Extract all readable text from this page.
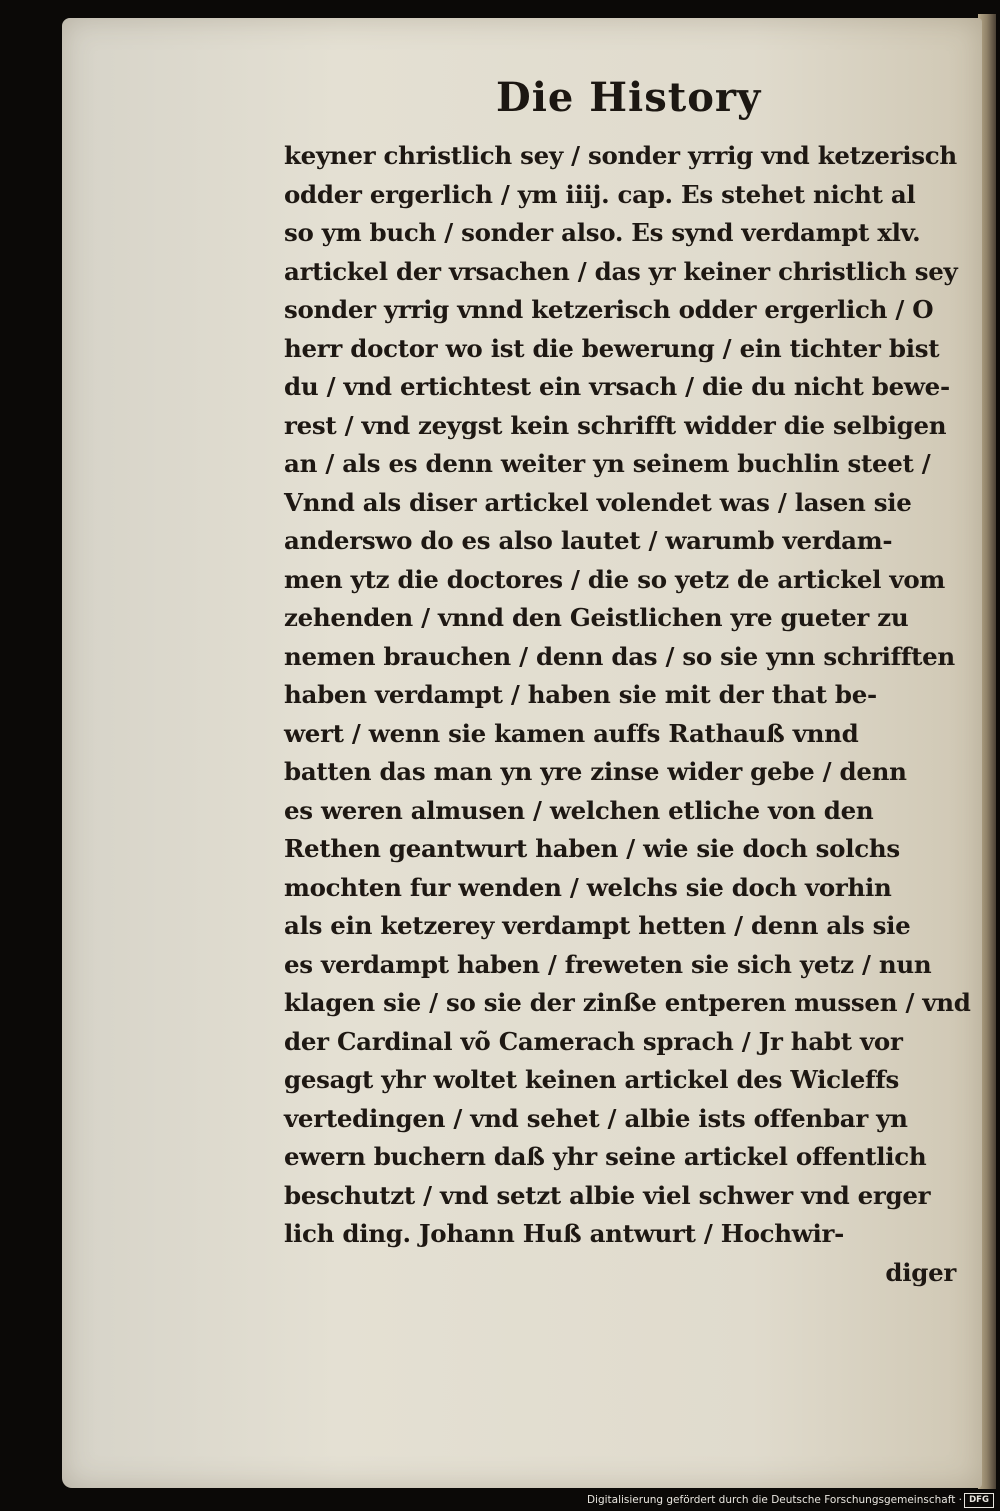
Die History
keyner christlich sey / sonder yrrig vnd ketzerisch
odder ergerlich / ym iiij. cap. Es stehet nicht al
so ym buch / sonder also. Es synd verdampt xlv.
artickel der vrsachen / das yr keiner christlich sey
sonder yrrig vnnd ketzerisch odder ergerlich / O
herr doctor wo ist die bewerung / ein tichter bist
du / vnd ertichtest ein vrsach / die du nicht bewe-
rest / vnd zeygst kein schrifft widder die selbigen
an / als es denn weiter yn seinem buchlin steet /
Vnnd als diser artickel volendet was / lasen sie
anderswo do es also lautet / warumb verdam-
men ytz die doctores / die so yetz de artickel vom
zehenden / vnnd den Geistlichen yre gueter zu
nemen brauchen / denn das / so sie ynn schrifften
haben verdampt / haben sie mit der that be-
wert / wenn sie kamen auffs Rathauß vnnd
batten das man yn yre zinse wider gebe / denn
es weren almusen / welchen etliche von den
Rethen geantwurt haben / wie sie doch solchs
mochten fur wenden / welchs sie doch vorhin
als ein ketzerey verdampt hetten / denn als sie
es verdampt haben / freweten sie sich yetz / nun
klagen sie / so sie der zinße entperen mussen / vnd
der Cardinal võ Camerach sprach / Jr habt vor
gesagt yhr woltet keinen artickel des Wicleffs
vertedingen / vnd sehet / albie ists offenbar yn
ewern buchern daß yhr seine artickel offentlich
beschutzt / vnd setzt albie viel schwer vnd erger
lich ding. Johann Huß antwurt / Hochwir-
diger
Digitalisierung gefördert durch die Deutsche Forschungsgemeinschaft · DFG
